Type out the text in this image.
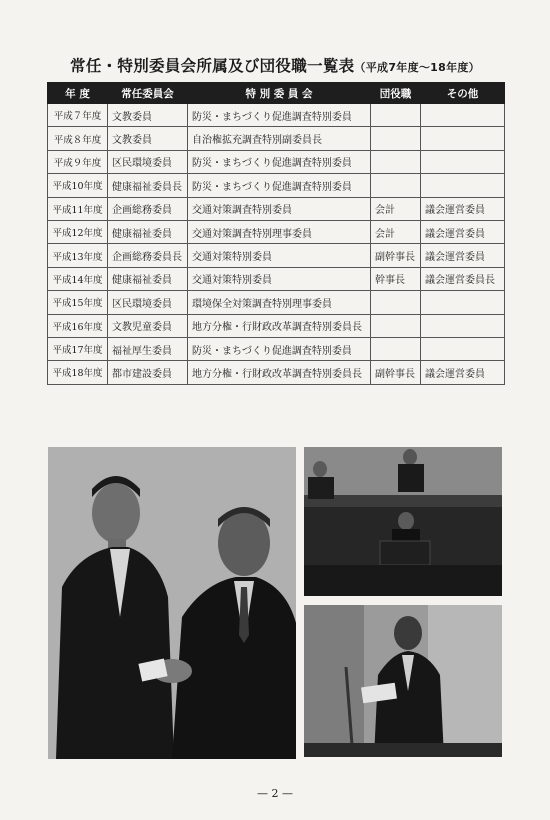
常任・特別委員会所属及び団役職一覧表（平成7年度〜18年度）
年 度	常任委員会	特 別 委 員 会	団役職	その他
平成７年度	文教委員	防災・まちづくり促進調査特別委員		
平成８年度	文教委員	自治権拡充調査特別副委員長		
平成９年度	区民環境委員	防災・まちづくり促進調査特別委員		
平成10年度	健康福祉委員長	防災・まちづくり促進調査特別委員		
平成11年度	企画総務委員	交通対策調査特別委員	会計	議会運営委員
平成12年度	健康福祉委員	交通対策調査特別理事委員	会計	議会運営委員
平成13年度	企画総務委員長	交通対策特別委員	副幹事長	議会運営委員
平成14年度	健康福祉委員	交通対策特別委員	幹事長	議会運営委員長
平成15年度	区民環境委員	環境保全対策調査特別理事委員		
平成16年度	文教児童委員	地方分権・行財政改革調査特別委員長		
平成17年度	福祉厚生委員	防災・まちづくり促進調査特別委員		
平成18年度	都市建設委員	地方分権・行財政改革調査特別委員長	副幹事長	議会運営委員
— 2 —
